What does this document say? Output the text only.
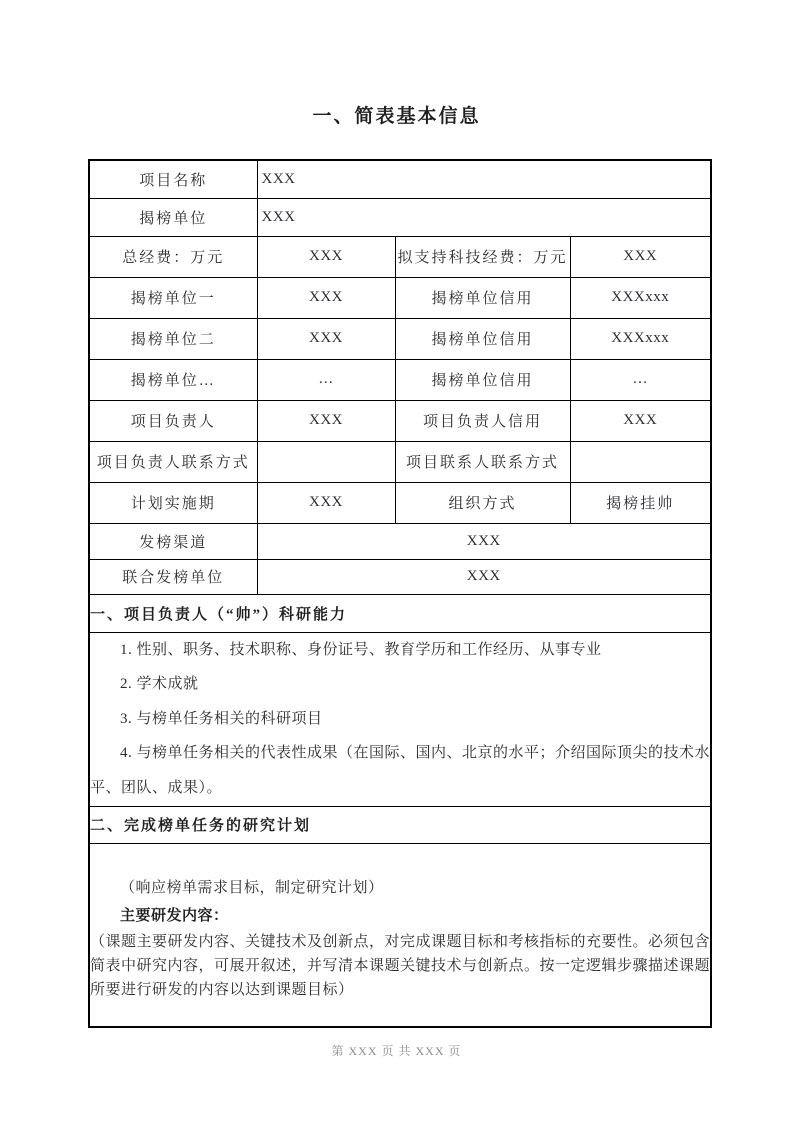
一、简表基本信息
项目名称	XXX		
揭榜单位	XXX		
总经费：万元	XXX	拟支持科技经费：万元	XXX
揭榜单位一	XXX	揭榜单位信用	XXXxxx
揭榜单位二	XXX	揭榜单位信用	XXXxxx
揭榜单位…	…	揭榜单位信用	…
项目负责人	XXX	项目负责人信用	XXX
项目负责人联系方式		项目联系人联系方式	
计划实施期	XXX	组织方式	揭榜挂帅
发榜渠道	XXX		
联合发榜单位	XXX		
一、项目负责人（“帅”）科研能力			

1. 性别、职务、技术职称、身份证号、教育学历和工作经历、从事专业

2. 学术成就

3. 与榜单任务相关的科研项目

4. 与榜单任务相关的代表性成果（在国际、国内、北京的水平；介绍国际顶尖的技术水平、团队、成果）。			

二、完成榜单任务的研究计划			

（响应榜单需求目标，制定研究计划）

主要研发内容：

（课题主要研发内容、关键技术及创新点，对完成课题目标和考核指标的充要性。必须包含简表中研究内容，可展开叙述，并写清本课题关键技术与创新点。按一定逻辑步骤描述课题所要进行研发的内容以达到课题目标）			

第 XXX 页 共 XXX 页
